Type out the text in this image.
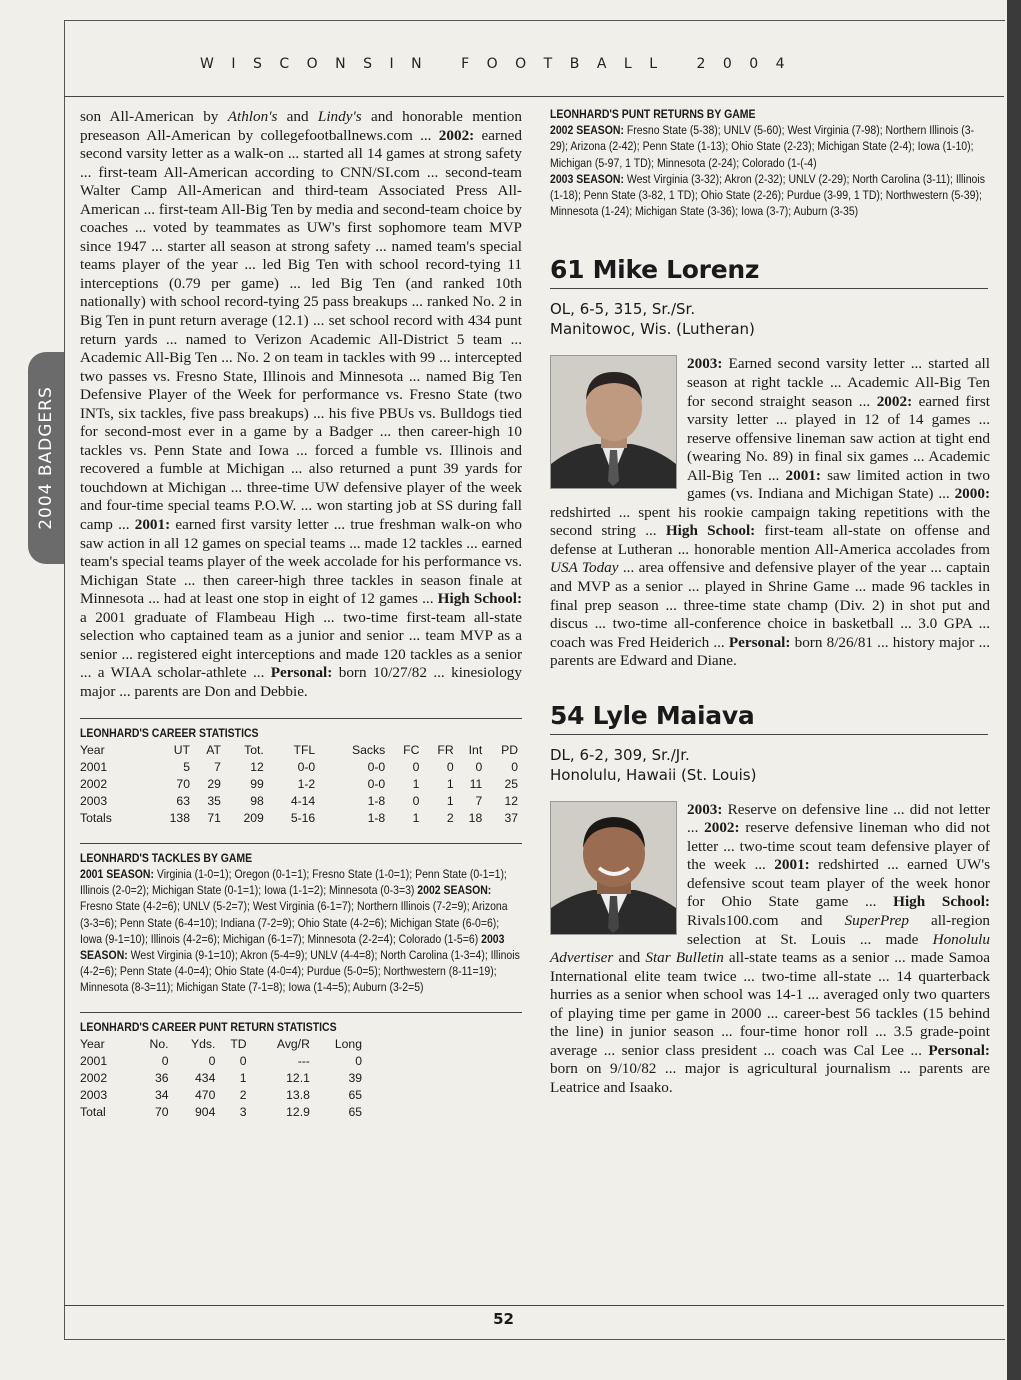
WISCONSIN FOOTBALL 2004
2004 BADGERS

son All-American by Athlon's and Lindy's and honorable mention preseason All-American by collegefootballnews.com ... 2002: earned second varsity letter as a walk-on ... started all 14 games at strong safety ... first-team All-American according to CNN/SI.com ... second-team Walter Camp All-American and third-team Associated Press All-American ... first-team All-Big Ten by media and second-team choice by coaches ... voted by teammates as UW's first sophomore team MVP since 1947 ... starter all season at strong safety ... named team's special teams player of the year ... led Big Ten with school record-tying 11 interceptions (0.79 per game) ... led Big Ten (and ranked 10th nationally) with school record-tying 25 pass breakups ... ranked No. 2 in Big Ten in punt return average (12.1) ... set school record with 434 punt return yards ... named to Verizon Academic All-District 5 team ... Academic All-Big Ten ... No. 2 on team in tackles with 99 ... intercepted two passes vs. Fresno State, Illinois and Minnesota ... named Big Ten Defensive Player of the Week for performance vs. Fresno State (two INTs, six tackles, five pass breakups) ... his five PBUs vs. Bulldogs tied for second-most ever in a game by a Badger ... then career-high 10 tackles vs. Penn State and Iowa ... forced a fumble vs. Illinois and recovered a fumble at Michigan ... also returned a punt 39 yards for touchdown at Michigan ... three-time UW defensive player of the week and four-time special teams P.O.W. ... won starting job at SS during fall camp ... 2001: earned first varsity letter ... true freshman walk-on who saw action in all 12 games on special teams ... made 12 tackles ... earned team's special teams player of the week accolade for his performance vs. Michigan State ... then career-high three tackles in season finale at Minnesota ... had at least one stop in eight of 12 games ... High School: a 2001 graduate of Flambeau High ... two-time first-team all-state selection who captained team as a junior and senior ... team MVP as a senior ... registered eight interceptions and made 120 tackles as a senior ... a WIAA scholar-athlete ... Personal: born 10/27/82 ... kinesiology major ... parents are Don and Debbie.

LEONHARD'S CAREER STATISTICS
Year	UT	AT	Tot.	TFL	Sacks	FC	FR	Int	PD
2001	5	7	12	0-0	0-0	0	0	0	0
2002	70	29	99	1-2	0-0	1	1	11	25
2003	63	35	98	4-14	1-8	0	1	7	12
Totals	138	71	209	5-16	1-8	1	2	18	37
LEONHARD'S TACKLES BY GAME
2001 SEASON: Virginia (1-0=1); Oregon (0-1=1); Fresno State (1-0=1); Penn State (0-1=1); Illinois (2-0=2); Michigan State (0-1=1); Iowa (1-1=2); Minnesota (0-3=3) 2002 SEASON: Fresno State (4-2=6); UNLV (5-2=7); West Virginia (6-1=7); Northern Illinois (7-2=9); Arizona (3-3=6); Penn State (6-4=10); Indiana (7-2=9); Ohio State (4-2=6); Michigan State (6-0=6); Iowa (9-1=10); Illinois (4-2=6); Michigan (6-1=7); Minnesota (2-2=4); Colorado (1-5=6) 2003 SEASON: West Virginia (9-1=10); Akron (5-4=9); UNLV (4-4=8); North Carolina (1-3=4); Illinois (4-2=6); Penn State (4-0=4); Ohio State (4-0=4); Purdue (5-0=5); Northwestern (8-11=19); Minnesota (8-3=11); Michigan State (7-1=8); Iowa (1-4=5); Auburn (3-2=5)
LEONHARD'S CAREER PUNT RETURN STATISTICS
Year	No.	Yds.	TD	Avg/R	Long
2001	0	0	0	---	0
2002	36	434	1	12.1	39
2003	34	470	2	13.8	65
Total	70	904	3	12.9	65
LEONHARD'S PUNT RETURNS BY GAME
2002 SEASON: Fresno State (5-38); UNLV (5-60); West Virginia (7-98); Northern Illinois (3-29); Arizona (2-42); Penn State (1-13); Ohio State (2-23); Michigan State (2-4); Iowa (1-10); Michigan (5-97, 1 TD); Minnesota (2-24); Colorado (1-(-4)
2003 SEASON: West Virginia (3-32); Akron (2-32); UNLV (2-29); North Carolina (3-11); Illinois (1-18); Penn State (3-82, 1 TD); Ohio State (2-26); Purdue (3-99, 1 TD); Northwestern (5-39); Minnesota (1-24); Michigan State (3-36); Iowa (3-7); Auburn (3-35)
61 Mike Lorenz

OL, 6-5, 315, Sr./Sr.

Manitowoc, Wis. (Lutheran)

2003: Earned second varsity letter ... started all season at right tackle ... Academic All-Big Ten for second straight season ... 2002: earned first varsity letter ... played in 12 of 14 games ... reserve offensive lineman saw action at tight end (wearing No. 89) in final six games ... Academic All-Big Ten ... 2001: saw limited action in two games (vs. Indiana and Michigan State) ... 2000: redshirted ... spent his rookie campaign taking repetitions with the second string ... High School: first-team all-state on offense and defense at Lutheran ... honorable mention All-America accolades from USA Today ... area offensive and defensive player of the year ... captain and MVP as a senior ... played in Shrine Game ... made 96 tackles in final prep season ... three-time state champ (Div. 2) in shot put and discus ... two-time all-conference choice in basketball ... 3.0 GPA ... coach was Fred Heiderich ... Personal: born 8/26/81 ... history major ... parents are Edward and Diane.

54 Lyle Maiava

DL, 6-2, 309, Sr./Jr.

Honolulu, Hawaii (St. Louis)

2003: Reserve on defensive line ... did not letter ... 2002: reserve defensive lineman who did not letter ... two-time scout team defensive player of the week ... 2001: redshirted ... earned UW's defensive scout team player of the week honor for Ohio State game ... High School: Rivals100.com and SuperPrep all-region selection at St. Louis ... made Honolulu Advertiser and Star Bulletin all-state teams as a senior ... made Samoa International elite team twice ... two-time all-state ... 14 quarterback hurries as a senior when school was 14-1 ... averaged only two quarters of playing time per game in 2000 ... career-best 56 tackles (15 behind the line) in junior season ... four-time honor roll ... 3.5 grade-point average ... senior class president ... coach was Cal Lee ... Personal: born on 9/10/82 ... major is agricultural journalism ... parents are Leatrice and Isaako.

52
